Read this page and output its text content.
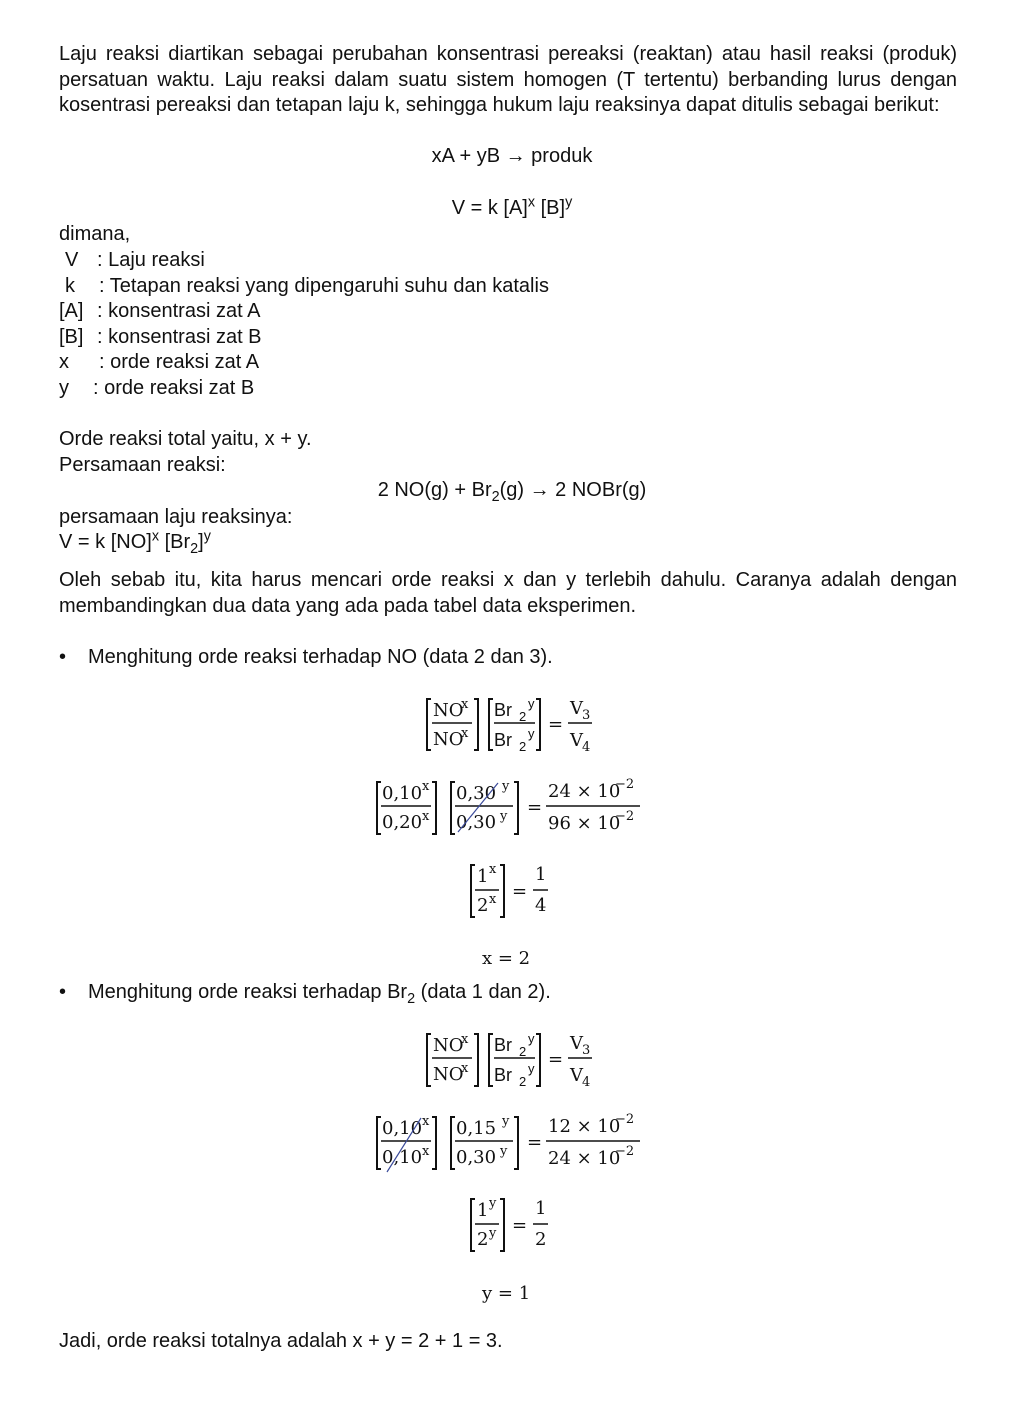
Laju reaksi diartikan sebagai perubahan konsentrasi pereaksi (reaktan) atau hasil reaksi (produk) persatuan waktu. Laju reaksi dalam suatu sistem homogen (T tertentu) berbanding lurus dengan kosentrasi pereaksi dan tetapan laju k, sehingga hukum laju reaksinya dapat ditulis sebagai berikut:
xA + yB → produk
V = k $[A]^x$ $[B]^y$
dimana,
V : Laju reaksi
k : Tetapan reaksi yang dipengaruhi suhu dan katalis
[A] : konsentrasi zat A
[B] : konsentrasi zat B
x : orde reaksi zat A
y : orde reaksi zat B
Orde reaksi total yaitu, x + y.
Persamaan reaksi:
2 $NO(g) + Br_2(g) \to 2$ NOBr(g)
persamaan laju reaksinya:
V = k [NO]$^x$ $[Br_2]^y$
Oleh sebab itu, kita harus mencari orde reaksi x dan y terlebih dahulu. Caranya adalah dengan membandingkan dua data yang ada pada tabel data eksperimen.
• Menghitung orde reaksi terhadap NO (data 2 dan 3).
NO
x
NO
x
Br 2
y
Br 2
y =
V 3
V 4
0,10 x
0,20 x
0,30 y
0,30 y =
24 × 10
−2
96 × 10
−2
1 x
2 x =
1
4
x = 2
NO
x
NO
x
Br 2
y
Br 2
y =
V 3
V 4
0,10 x
0,10 x
0,15 y
0,30 y =
12 × 10
−2
24 × 10
−2
1 y
2 y =
1
2
y = 1
• Menghitung orde reaksi terhadap $Br_2$ (data 1 dan 2).
Jadi, orde reaksi totalnya adalah x + y = 2 + 1 = 3.
